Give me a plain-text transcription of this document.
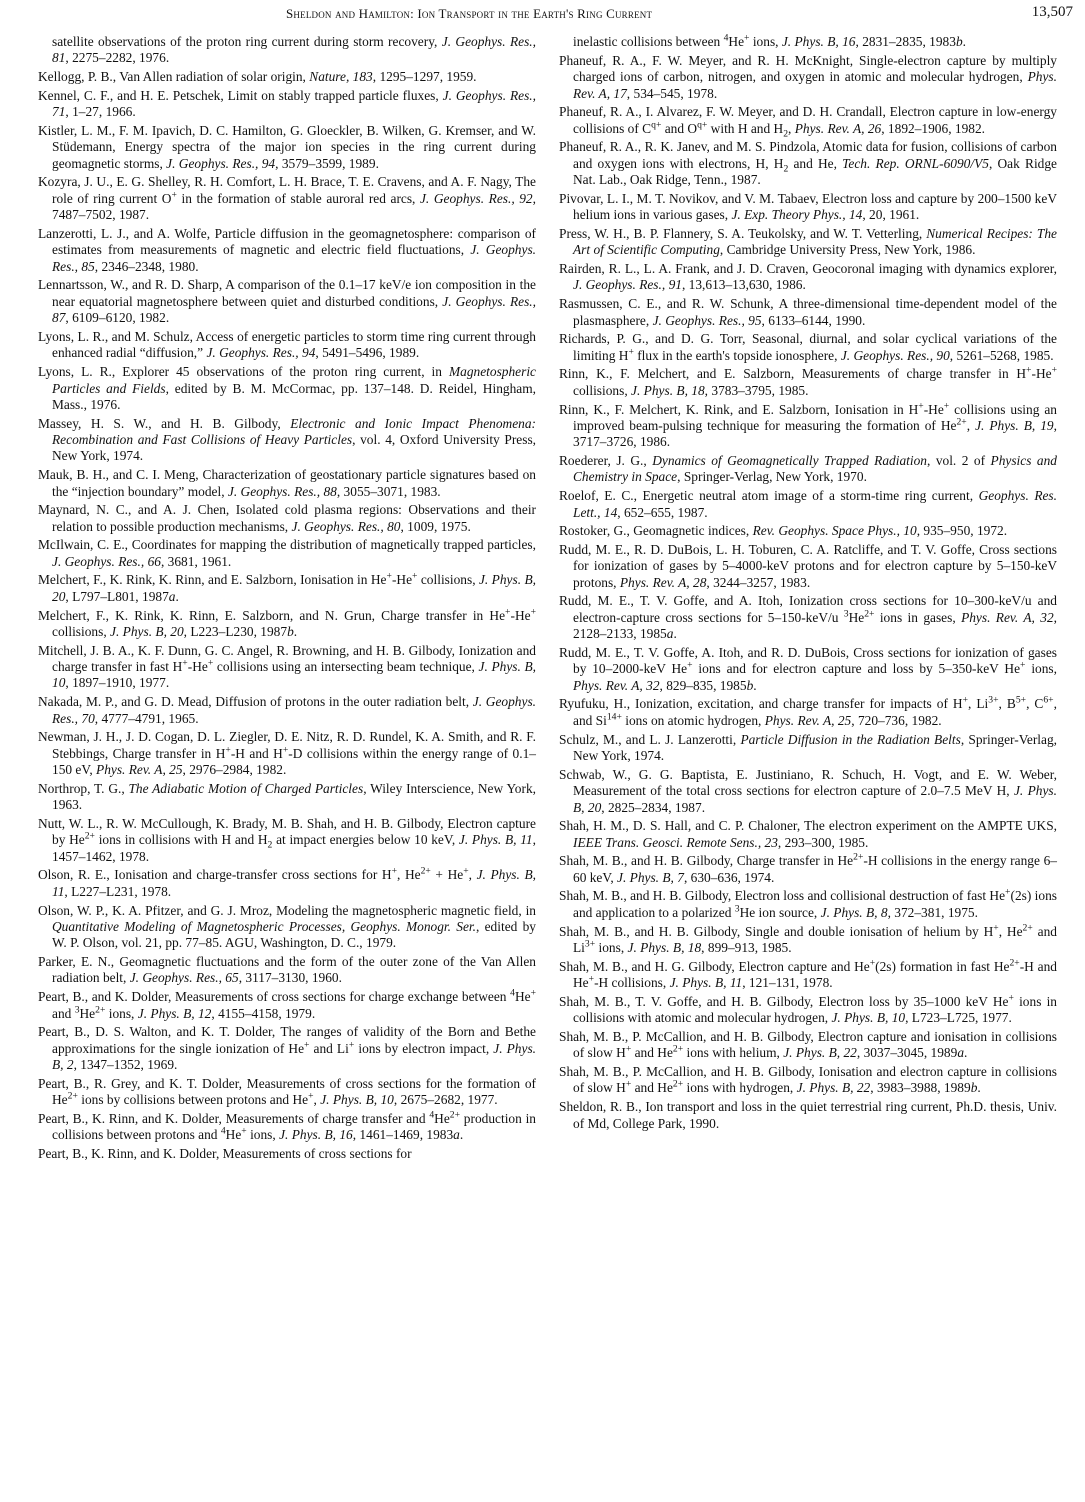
Sheldon and Hamilton: Ion Transport in the Earth's Ring Current	13,507

satellite observations of the proton ring current during storm recovery, J. Geophys. Res., 81, 2275–2282, 1976.

Kellogg, P. B., Van Allen radiation of solar origin, Nature, 183, 1295–1297, 1959.

Kennel, C. F., and H. E. Petschek, Limit on stably trapped particle fluxes, J. Geophys. Res., 71, 1–27, 1966.

Kistler, L. M., F. M. Ipavich, D. C. Hamilton, G. Gloeckler, B. Wilken, G. Kremser, and W. Stüdemann, Energy spectra of the major ion species in the ring current during geomagnetic storms, J. Geophys. Res., 94, 3579–3599, 1989.

Kozyra, J. U., E. G. Shelley, R. H. Comfort, L. H. Brace, T. E. Cravens, and A. F. Nagy, The role of ring current O+ in the formation of stable auroral red arcs, J. Geophys. Res., 92, 7487–7502, 1987.

Lanzerotti, L. J., and A. Wolfe, Particle diffusion in the geomagnetosphere: comparison of estimates from measurements of magnetic and electric field fluctuations, J. Geophys. Res., 85, 2346–2348, 1980.

Lennartsson, W., and R. D. Sharp, A comparison of the 0.1–17 keV/e ion composition in the near equatorial magnetosphere between quiet and disturbed conditions, J. Geophys. Res., 87, 6109–6120, 1982.

Lyons, L. R., and M. Schulz, Access of energetic particles to storm time ring current through enhanced radial “diffusion,” J. Geophys. Res., 94, 5491–5496, 1989.

Lyons, L. R., Explorer 45 observations of the proton ring current, in Magnetospheric Particles and Fields, edited by B. M. McCormac, pp. 137–148. D. Reidel, Hingham, Mass., 1976.

Massey, H. S. W., and H. B. Gilbody, Electronic and Ionic Impact Phenomena: Recombination and Fast Collisions of Heavy Particles, vol. 4, Oxford University Press, New York, 1974.

Mauk, B. H., and C. I. Meng, Characterization of geostationary particle signatures based on the “injection boundary” model, J. Geophys. Res., 88, 3055–3071, 1983.

Maynard, N. C., and A. J. Chen, Isolated cold plasma regions: Observations and their relation to possible production mechanisms, J. Geophys. Res., 80, 1009, 1975.

McIlwain, C. E., Coordinates for mapping the distribution of magnetically trapped particles, J. Geophys. Res., 66, 3681, 1961.

Melchert, F., K. Rink, K. Rinn, and E. Salzborn, Ionisation in He+-He+ collisions, J. Phys. B, 20, L797–L801, 1987a.

Melchert, F., K. Rink, K. Rinn, E. Salzborn, and N. Grun, Charge transfer in He+-He+ collisions, J. Phys. B, 20, L223–L230, 1987b.

Mitchell, J. B. A., K. F. Dunn, G. C. Angel, R. Browning, and H. B. Gilbody, Ionization and charge transfer in fast H+-He+ collisions using an intersecting beam technique, J. Phys. B, 10, 1897–1910, 1977.

Nakada, M. P., and G. D. Mead, Diffusion of protons in the outer radiation belt, J. Geophys. Res., 70, 4777–4791, 1965.

Newman, J. H., J. D. Cogan, D. L. Ziegler, D. E. Nitz, R. D. Rundel, K. A. Smith, and R. F. Stebbings, Charge transfer in H+-H and H+-D collisions within the energy range of 0.1–150 eV, Phys. Rev. A, 25, 2976–2984, 1982.

Northrop, T. G., The Adiabatic Motion of Charged Particles, Wiley Interscience, New York, 1963.

Nutt, W. L., R. W. McCullough, K. Brady, M. B. Shah, and H. B. Gilbody, Electron capture by $He^{2+}$ ions in collisions with H and $H_2$ at impact energies below 10 keV, J. Phys. B, 11, 1457–1462, 1978.

Olson, R. E., Ionisation and charge-transfer cross sections for H+, $He^{2+} + He^+$, J. Phys. B, 11, L227–L231, 1978.

Olson, W. P., K. A. Pfitzer, and G. J. Mroz, Modeling the magnetospheric magnetic field, in Quantitative Modeling of Magnetospheric Processes, Geophys. Monogr. Ser., edited by W. P. Olson, vol. 21, pp. 77–85. AGU, Washington, D. C., 1979.

Parker, E. N., Geomagnetic fluctuations and the form of the outer zone of the Van Allen radiation belt, J. Geophys. Res., 65, 3117–3130, 1960.

Peart, B., and K. Dolder, Measurements of cross sections for charge exchange between $^4$He+ and $^3He^{2+}$ ions, J. Phys. B, 12, 4155–4158, 1979.

Peart, B., D. S. Walton, and K. T. Dolder, The ranges of validity of the Born and Bethe approximations for the single ionization of He+ and Li+ ions by electron impact, J. Phys. B, 2, 1347–1352, 1969.

Peart, B., R. Grey, and K. T. Dolder, Measurements of cross sections for the formation of $He^{2+}$ ions by collisions between protons and He+, J. Phys. B, 10, 2675–2682, 1977.

Peart, B., K. Rinn, and K. Dolder, Measurements of charge transfer and $^4He^{2+}$ production in collisions between protons and $^4$He+ ions, J. Phys. B, 16, 1461–1469, 1983a.

Peart, B., K. Rinn, and K. Dolder, Measurements of cross sections for

inelastic collisions between $^4$He+ ions, J. Phys. B, 16, 2831–2835, 1983b.

Phaneuf, R. A., F. W. Meyer, and R. H. McKnight, Single-electron capture by multiply charged ions of carbon, nitrogen, and oxygen in atomic and molecular hydrogen, Phys. Rev. A, 17, 534–545, 1978.

Phaneuf, R. A., I. Alvarez, F. W. Meyer, and D. H. Crandall, Electron capture in low-energy collisions of $C^{q+}$ and $O^{q+}$ with H and $H_2$, Phys. Rev. A, 26, 1892–1906, 1982.

Phaneuf, R. A., R. K. Janev, and M. S. Pindzola, Atomic data for fusion, collisions of carbon and oxygen ions with electrons, H, $H_2$ and He, Tech. Rep. ORNL-6090/V5, Oak Ridge Nat. Lab., Oak Ridge, Tenn., 1987.

Pivovar, L. I., M. T. Novikov, and V. M. Tabaev, Electron loss and capture by 200–1500 keV helium ions in various gases, J. Exp. Theory Phys., 14, 20, 1961.

Press, W. H., B. P. Flannery, S. A. Teukolsky, and W. T. Vetterling, Numerical Recipes: The Art of Scientific Computing, Cambridge University Press, New York, 1986.

Rairden, R. L., L. A. Frank, and J. D. Craven, Geocoronal imaging with dynamics explorer, J. Geophys. Res., 91, 13,613–13,630, 1986.

Rasmussen, C. E., and R. W. Schunk, A three-dimensional time-dependent model of the plasmasphere, J. Geophys. Res., 95, 6133–6144, 1990.

Richards, P. G., and D. G. Torr, Seasonal, diurnal, and solar cyclical variations of the limiting H+ flux in the earth's topside ionosphere, J. Geophys. Res., 90, 5261–5268, 1985.

Rinn, K., F. Melchert, and E. Salzborn, Measurements of charge transfer in H+-He+ collisions, J. Phys. B, 18, 3783–3795, 1985.

Rinn, K., F. Melchert, K. Rink, and E. Salzborn, Ionisation in H+-He+ collisions using an improved beam-pulsing technique for measuring the formation of $He^{2+}$, J. Phys. B, 19, 3717–3726, 1986.

Roederer, J. G., Dynamics of Geomagnetically Trapped Radiation, vol. 2 of Physics and Chemistry in Space, Springer-Verlag, New York, 1970.

Roelof, E. C., Energetic neutral atom image of a storm-time ring current, Geophys. Res. Lett., 14, 652–655, 1987.

Rostoker, G., Geomagnetic indices, Rev. Geophys. Space Phys., 10, 935–950, 1972.

Rudd, M. E., R. D. DuBois, L. H. Toburen, C. A. Ratcliffe, and T. V. Goffe, Cross sections for ionization of gases by 5–4000-keV protons and for electron capture by 5–150-keV protons, Phys. Rev. A, 28, 3244–3257, 1983.

Rudd, M. E., T. V. Goffe, and A. Itoh, Ionization cross sections for 10–300-keV/u and electron-capture cross sections for 5–150-keV/u $^3He^{2+}$ ions in gases, Phys. Rev. A, 32, 2128–2133, 1985a.

Rudd, M. E., T. V. Goffe, A. Itoh, and R. D. DuBois, Cross sections for ionization of gases by 10–2000-keV He+ ions and for electron capture and loss by 5–350-keV He+ ions, Phys. Rev. A, 32, 829–835, 1985b.

Ryufuku, H., Ionization, excitation, and charge transfer for impacts of H+, $Li^{3+}$, $B^{5+}$, $C^{6+}$, and $Si^{14+}$ ions on atomic hydrogen, Phys. Rev. A, 25, 720–736, 1982.

Schulz, M., and L. J. Lanzerotti, Particle Diffusion in the Radiation Belts, Springer-Verlag, New York, 1974.

Schwab, W., G. G. Baptista, E. Justiniano, R. Schuch, H. Vogt, and E. W. Weber, Measurement of the total cross sections for electron capture of 2.0–7.5 MeV H, J. Phys. B, 20, 2825–2834, 1987.

Shah, H. M., D. S. Hall, and C. P. Chaloner, The electron experiment on the AMPTE UKS, IEEE Trans. Geosci. Remote Sens., 23, 293–300, 1985.

Shah, M. B., and H. B. Gilbody, Charge transfer in $He^{2+}-H$ collisions in the energy range 6–60 keV, J. Phys. B, 7, 630–636, 1974.

Shah, M. B., and H. B. Gilbody, Electron loss and collisional destruction of fast He+(2s) ions and application to a polarized $^3$He ion source, J. Phys. B, 8, 372–381, 1975.

Shah, M. B., and H. B. Gilbody, Single and double ionisation of helium by H+, $He^{2+}$ and $Li^{3+}$ ions, J. Phys. B, 18, 899–913, 1985.

Shah, M. B., and H. G. Gilbody, Electron capture and He+(2s) formation in fast $He^{2+}-H$ and He+-H collisions, J. Phys. B, 11, 121–131, 1978.

Shah, M. B., T. V. Goffe, and H. B. Gilbody, Electron loss by 35–1000 keV He+ ions in collisions with atomic and molecular hydrogen, J. Phys. B, 10, L723–L725, 1977.

Shah, M. B., P. McCallion, and H. B. Gilbody, Electron capture and ionisation in collisions of slow H+ and $He^{2+}$ ions with helium, J. Phys. B, 22, 3037–3045, 1989a.

Shah, M. B., P. McCallion, and H. B. Gilbody, Ionisation and electron capture in collisions of slow H+ and $He^{2+}$ ions with hydrogen, J. Phys. B, 22, 3983–3988, 1989b.

Sheldon, R. B., Ion transport and loss in the quiet terrestrial ring current, Ph.D. thesis, Univ. of Md, College Park, 1990.
